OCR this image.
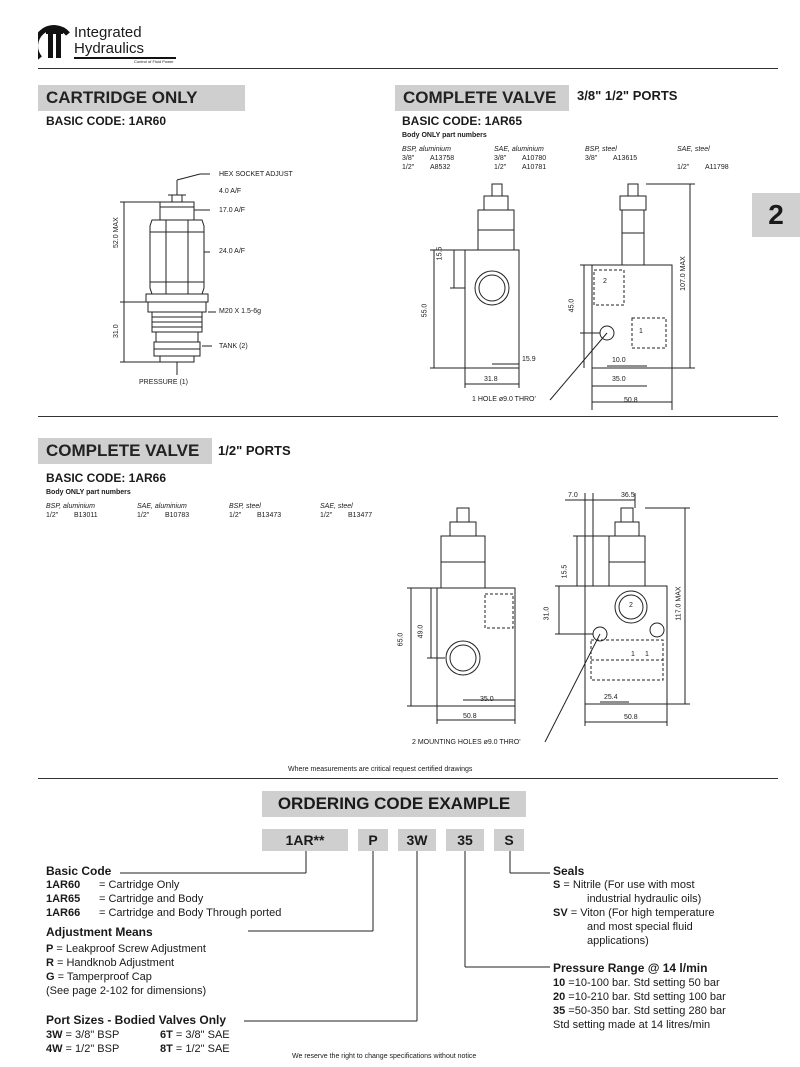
Integrated
Hydraulics
Control of Fluid Power
2
CARTRIDGE ONLY
BASIC CODE: 1AR60
COMPLETE VALVE	3/8" 1/2" PORTS
BASIC CODE: 1AR65
Body ONLY part numbers
BSP, aluminium
3/8" A13758
1/2" A8532
SAE, aluminium
3/8" A10780
1/2" A10781
BSP, steel
3/8" A13615
SAE, steel
1/2" A11798
52.0 MAX
31.0
HEX SOCKET ADJUST
4.0 A/F
17.0 A/F
24.0 A/F
M20 X 1.5-6g
TANK (2)
PRESSURE (1)
15.5
55.0
15.9
31.8
45.0
10.0
35.0
50.8
107.0 MAX
2
1
1 HOLE ø9.0 THRO'
COMPLETE VALVE	1/2" PORTS
BASIC CODE: 1AR66
Body ONLY part numbers
BSP, aluminium
1/2" B13011
SAE, aluminium
1/2" B10783
BSP, steel
1/2" B13473
SAE, steel
1/2" B13477
65.0
49.0
35.0
50.8
7.0	36.5
15.5
31.0	117.0 MAX
25.4
50.8
2
1 1
2 MOUNTING HOLES ø9.0 THRO'
Where measurements are critical request certified drawings
ORDERING CODE EXAMPLE
1AR**	P	3W	35	S
Basic Code
1AR60 = Cartridge Only
1AR65 = Cartridge and Body
1AR66 = Cartridge and Body Through ported
Adjustment Means
P = Leakproof Screw Adjustment
R = Handknob Adjustment
G = Tamperproof Cap
(See page 2-102 for dimensions)
Port Sizes - Bodied Valves Only
3W = 3/8" BSP	6T = 3/8" SAE
4W = 1/2" BSP	8T = 1/2" SAE
Seals
S = Nitrile (For use with most
industrial hydraulic oils)
SV = Viton (For high temperature
and most special fluid
applications)
Pressure Range @ 14 l/min
10 =10-100 bar. Std setting 50 bar
20 =10-210 bar. Std setting 100 bar
35 =50-350 bar. Std setting 280 bar
Std setting made at 14 litres/min
We reserve the right to change specifications without notice
